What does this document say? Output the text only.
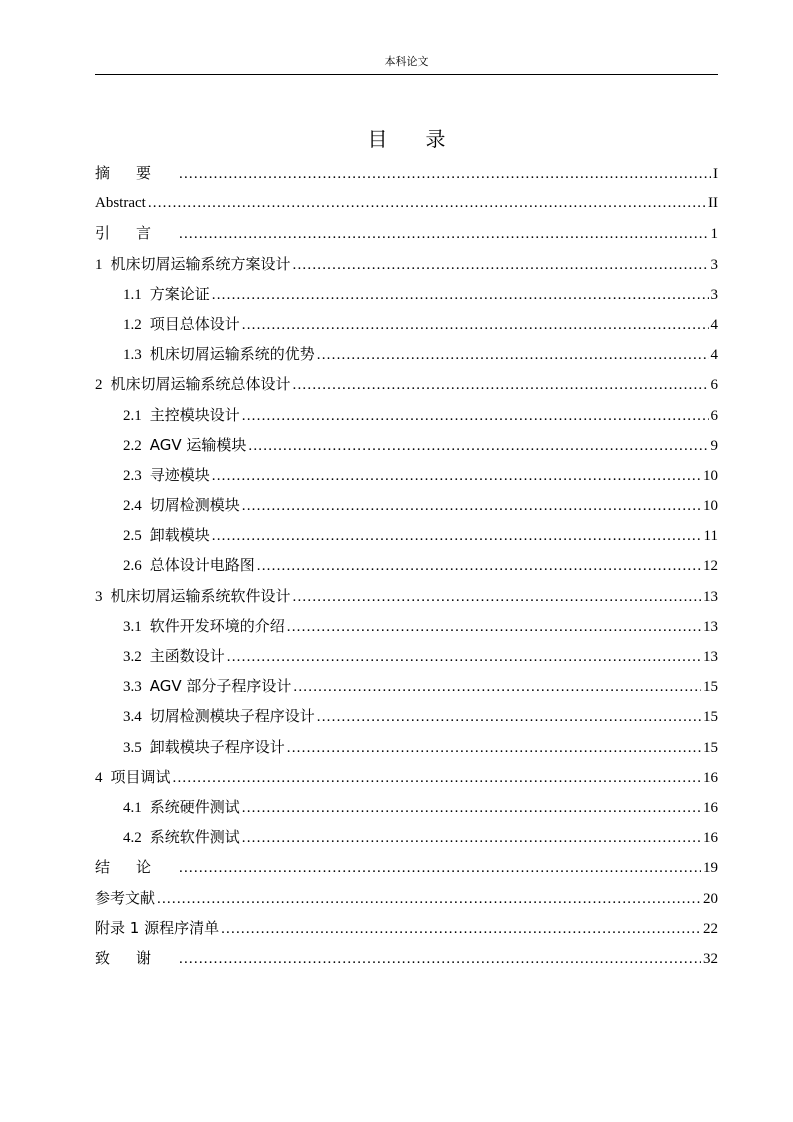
本科论文
目录
摘要 .....	I
Abstract .....	II
引言 .....	1
1 机床切屑运输系统方案设计 .....	3
1.1 方案论证 .....	3
1.2 项目总体设计 .....	4
1.3 机床切屑运输系统的优势 .....	4
2 机床切屑运输系统总体设计 .....	6
2.1 主控模块设计 .....	6
2.2 AGV 运输模块 .....	9
2.3 寻迹模块 .....	10
2.4 切屑检测模块 .....	10
2.5 卸载模块 .....	11
2.6 总体设计电路图 .....	12
3 机床切屑运输系统软件设计 .....	13
3.1 软件开发环境的介绍 .....	13
3.2 主函数设计 .....	13
3.3 AGV 部分子程序设计 .....	15
3.4 切屑检测模块子程序设计 .....	15
3.5 卸载模块子程序设计 .....	15
4 项目调试 .....	16
4.1 系统硬件测试 .....	16
4.2 系统软件测试 .....	16
结论 .....	19
参考文献 .....	20
附录 1 源程序清单 .....	22
致谢 .....	32
